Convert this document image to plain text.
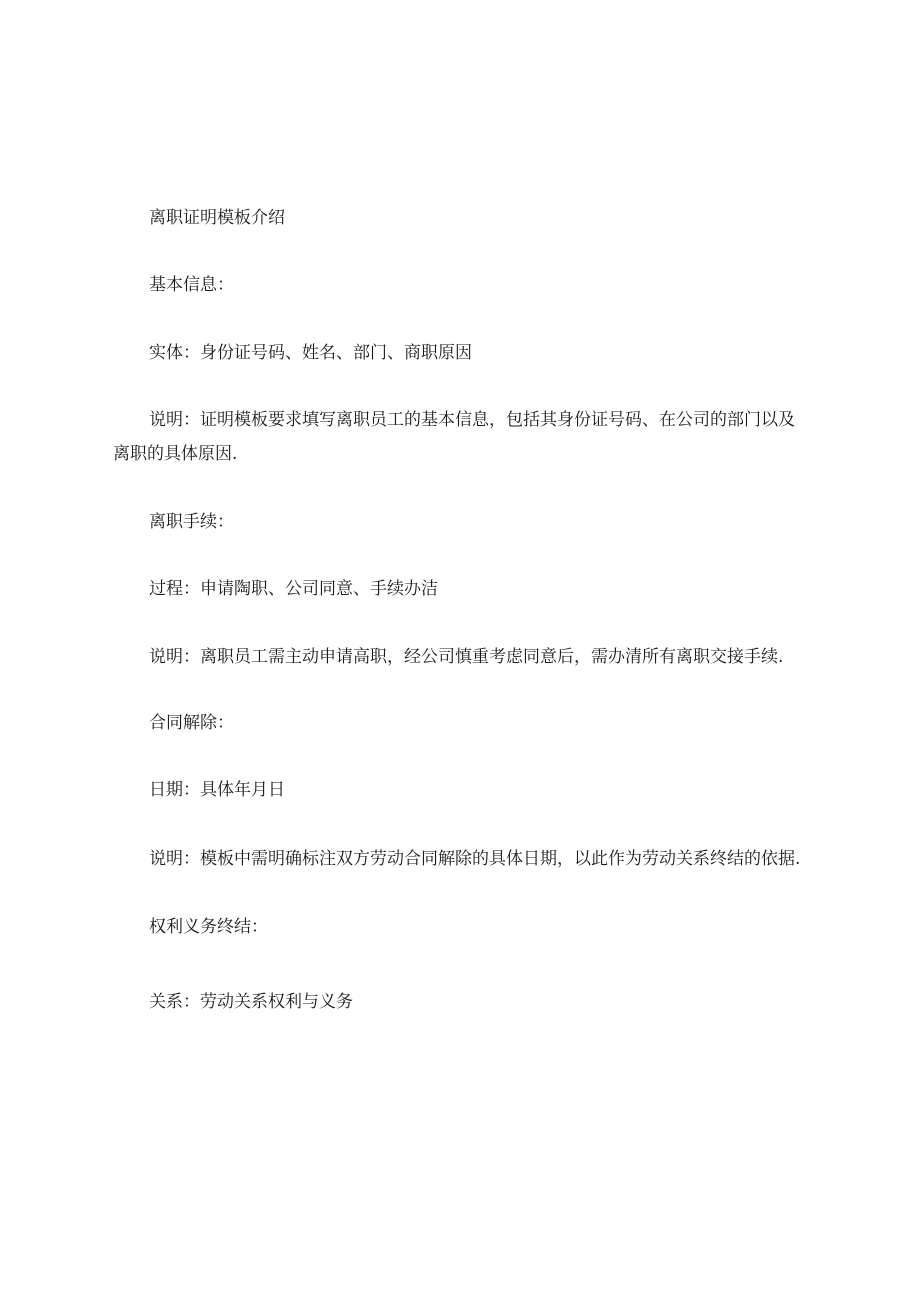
离职证明模板介绍

基本信息：

实体：身份证号码、姓名、部门、商职原因

说明：证明模板要求填写离职员工的基本信息，包括其身份证号码、在公司的部门以及离职的具体原因.

离职手续：

过程：申请陶职、公司同意、手续办洁

说明：离职员工需主动申请高职，经公司慎重考虑同意后，需办清所有离职交接手续.

合同解除：

日期：具体年月日

说明：模板中需明确标注双方劳动合同解除的具体日期，以此作为劳动关系终结的依据.

权利义务终结：

关系：劳动关系权利与义务
